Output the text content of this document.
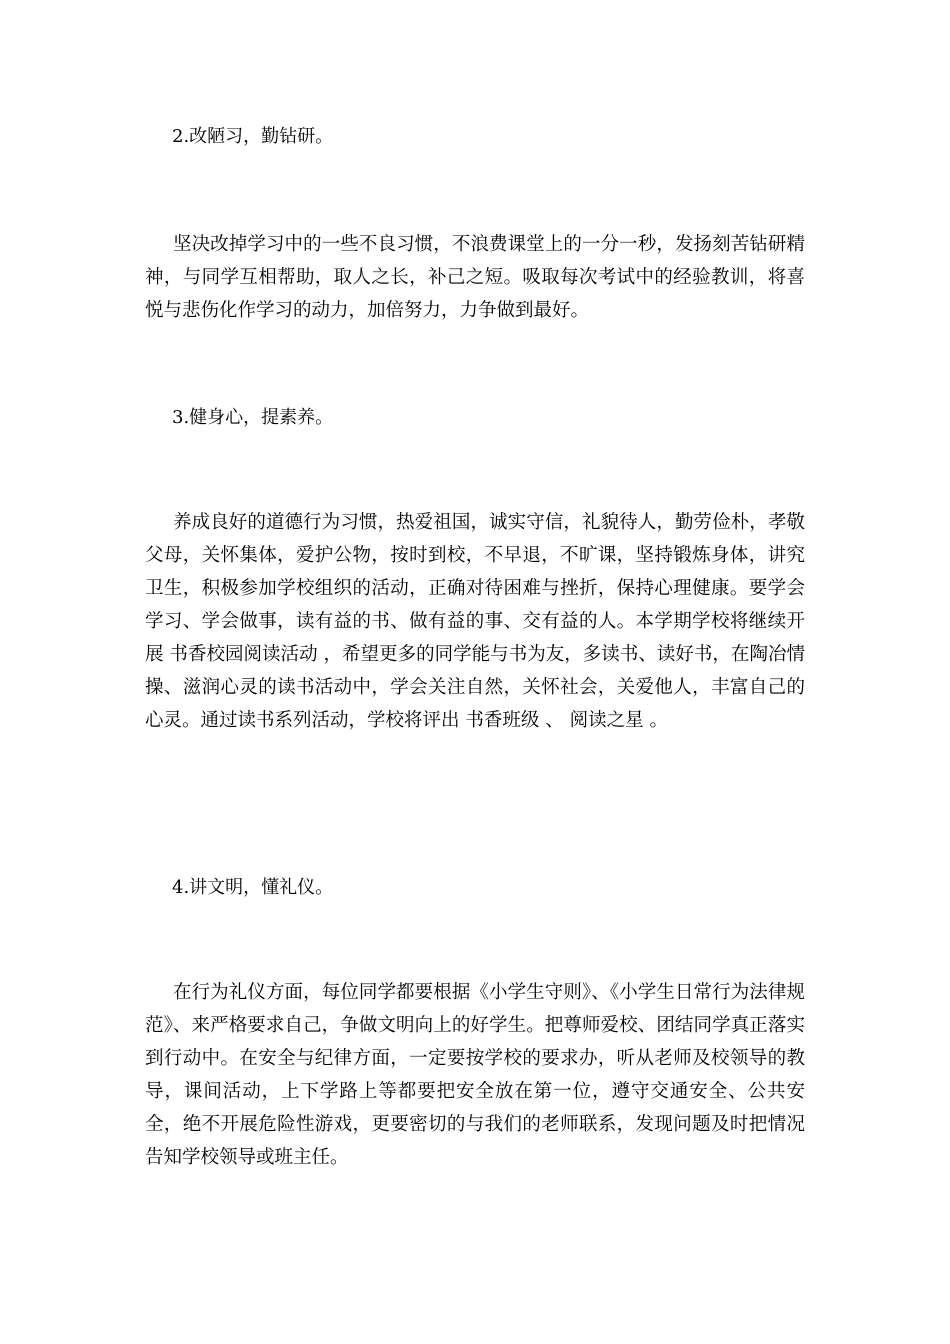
2.改陋习，勤钻研。
坚决改掉学习中的一些不良习惯，不浪费课堂上的一分一秒，发扬刻苦钻研精神，与同学互相帮助，取人之长，补己之短。吸取每次考试中的经验教训，将喜悦与悲伤化作学习的动力，加倍努力，力争做到最好。
3.健身心，提素养。
养成良好的道德行为习惯，热爱祖国，诚实守信，礼貌待人，勤劳俭朴，孝敬父母，关怀集体，爱护公物，按时到校，不早退，不旷课，坚持锻炼身体，讲究卫生，积极参加学校组织的活动，正确对待困难与挫折，保持心理健康。要学会学习、学会做事，读有益的书、做有益的事、交有益的人。本学期学校将继续开展 书香校园阅读活动 ，希望更多的同学能与书为友，多读书、读好书，在陶冶情操、滋润心灵的读书活动中，学会关注自然，关怀社会，关爱他人，丰富自己的心灵。通过读书系列活动，学校将评出 书香班级 、 阅读之星 。
4.讲文明，懂礼仪。
在行为礼仪方面，每位同学都要根据《小学生守则》、《小学生日常行为法律规范》、来严格要求自己，争做文明向上的好学生。把尊师爱校、团结同学真正落实到行动中。在安全与纪律方面，一定要按学校的要求办，听从老师及校领导的教导，课间活动，上下学路上等都要把安全放在第一位，遵守交通安全、公共安全，绝不开展危险性游戏，更要密切的与我们的老师联系，发现问题及时把情况告知学校领导或班主任。
